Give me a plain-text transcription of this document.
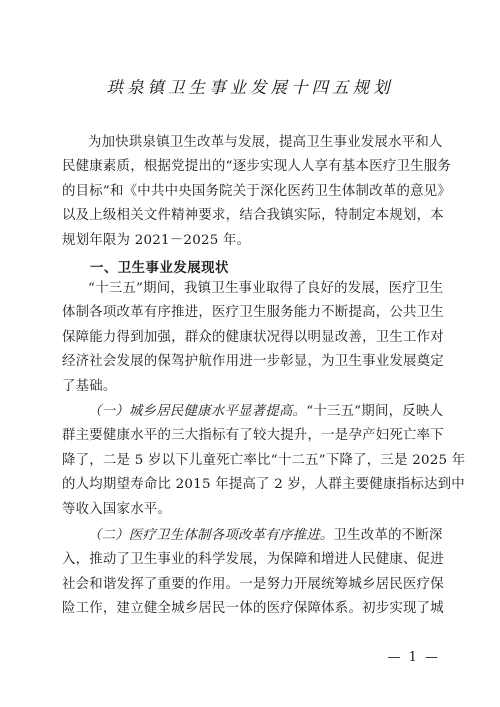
珙泉镇卫生事业发展十四五规划
为加快珙泉镇卫生改革与发展，提高卫生事业发展水平和人
民健康素质，根据党提出的“逐步实现人人享有基本医疗卫生服务
的目标”和《中共中央国务院关于深化医药卫生体制改革的意见》
以及上级相关文件精神要求，结合我镇实际，特制定本规划，本
规划年限为 2021－2025 年。
一、卫生事业发展现状
“十三五”期间，我镇卫生事业取得了良好的发展，医疗卫生
体制各项改革有序推进，医疗卫生服务能力不断提高，公共卫生
保障能力得到加强，群众的健康状况得以明显改善，卫生工作对
经济社会发展的保驾护航作用进一步彰显，为卫生事业发展奠定
了基础。
（一）城乡居民健康水平显著提高。“十三五”期间，反映人
群主要健康水平的三大指标有了较大提升，一是孕产妇死亡率下
降了，二是 5 岁以下儿童死亡率比“十二五”下降了，三是 2025 年
的人均期望寿命比 2015 年提高了 2 岁，人群主要健康指标达到中
等收入国家水平。
（二）医疗卫生体制各项改革有序推进。卫生改革的不断深
入，推动了卫生事业的科学发展，为保障和增进人民健康、促进
社会和谐发挥了重要的作用。一是努力开展统筹城乡居民医疗保
险工作，建立健全城乡居民一体的医疗保障体系。初步实现了城
— 1 —
